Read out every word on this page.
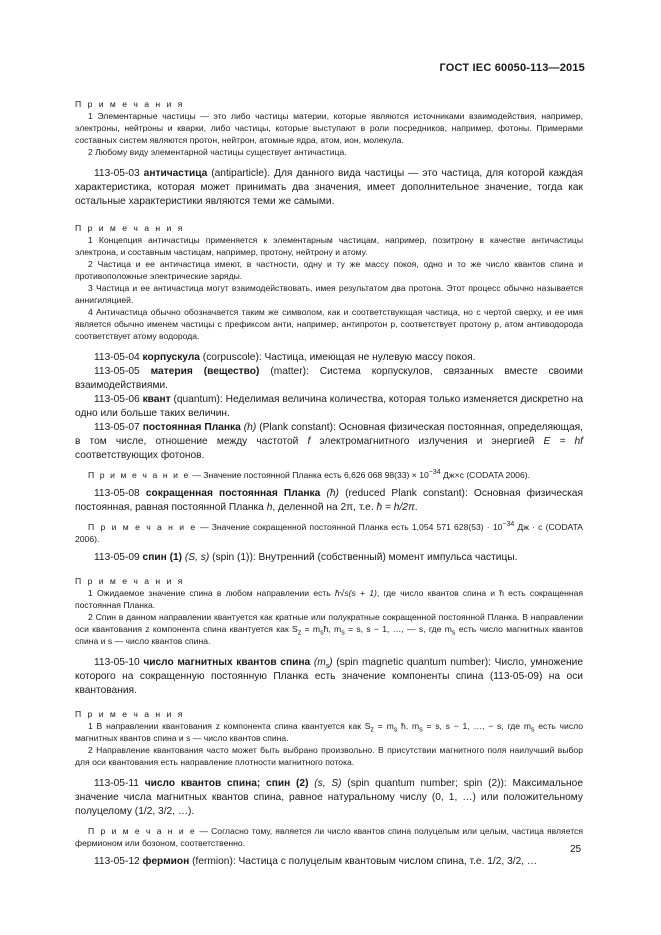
ГОСТ IEC 60050-113—2015

П р и м е ч а н и я

1 Элементарные частицы — это либо частицы материи, которые являются источниками взаимодействия, например, электроны, нейтроны и кварки, либо частицы, которые выступают в роли посредников, например, фотоны. Примерами составных систем являются протон, нейтрон, атомные ядра, атом, ион, молекула.

2 Любому виду элементарной частицы существует античастица.

113-05-03 античастица (antiparticle). Для данного вида частицы — это частица, для которой каждая характеристика, которая может принимать два значения, имеет дополнительное значение, тогда как остальные характеристики являются теми же самыми.

П р и м е ч а н и я

1 Концепция античастицы применяется к элементарным частицам, например, позитрону в качестве античастицы электрона, и составным частицам, например, протону, нейтрону и атому.

2 Частица и ее античастица имеют, в частности, одну и ту же массу покоя, одно и то же число квантов спина и противоположные электрические заряды.

3 Частица и ее античастица могут взаимодействовать, имея результатом два протона. Этот процесс обычно называется аннигиляцией.

4 Античастица обычно обозначается таким же символом, как и соответствующая частица, но с чертой сверху, и ее имя является обычно именем частицы с префиксом анти, например, антипротон p, соответствует протону p, атом антиводорода соответствует атому водорода.

113-05-04 корпускула (corpuscole): Частица, имеющая не нулевую массу покоя.

113-05-05 материя (вещество) (matter): Система корпускулов, связанных вместе своими взаимодействиями.

113-05-06 квант (quantum): Неделимая величина количества, которая только изменяется дискретно на одно или больше таких величин.

113-05-07 постоянная Планка (h) (Plank constant): Основная физическая постоянная, определяющая, в том числе, отношение между частотой f электромагнитного излучения и энергией E = hf соответствующих фотонов.

П р и м е ч а н и е — Значение постоянной Планка есть 6,626 068 $98(33) \times 10^{-34}$ Дж×с (CODATA 2006).

113-05-08 сокращенная постоянная Планка (ħ) (reduced Plank constant): Основная физическая постоянная, равная постоянной Планка h, деленной на 2π, т.е. ħ = h/2π.

П р и м е ч а н и е — Значение сокращенной постоянной Планка есть 1,054 571 $628(53) \cdot 10^{-34}$ Дж · с (CODATA 2006).

113-05-09 спин (1) (S, s) (spin (1)): Внутренний (собственный) момент импульса частицы.

П р и м е ч а н и я

1 Ожидаемое значение спина в любом направлении есть ħ√s(s + 1), где число квантов спина и ħ есть сокращенная постоянная Планка.

2 Спин в данном направлении квантуется как кратные или полукратные сокращенной постоянной Планка. В направлении оси квантования z компонента спина квантуется как $S_z$ = $m_sħ$, $m_s = s$, s − 1, …, — s, где $m_s$ есть число магнитных квантов спина и s — число квантов спина.

113-05-10 число магнитных квантов спина $(m_s)$ (spin magnetic quantum number): Число, умножение которого на сокращенную постоянную Планка есть значение компоненты спина (113-05-09) на оси квантования.

П р и м е ч а н и я

1 В направлении квантования z компонента спина квантуется как $S_z = m_s$ ħ, $m_s = s$, s − 1, …, − s, где $m_s$ есть число магнитных квантов спина и s — число квантов спина.

2 Направление квантования часто может быть выбрано произвольно. В присутствии магнитного поля наилучший выбор для оси квантования есть направление плотности магнитного потока.

113-05-11 число квантов спина; спин (2) (s, S) (spin quantum number; spin (2)): Максимальное значение числа магнитных квантов спина, равное натуральному числу (0, 1, …) или положительному полуцелому (1/2, 3/2, …).

П р и м е ч а н и е — Согласно тому, является ли число квантов спина полуцелым или целым, частица является фермионом или бозоном, соответственно.

113-05-12 фермион (fermion): Частица с полуцелым квантовым числом спина, т.е. 1/2, 3/2, …

25
